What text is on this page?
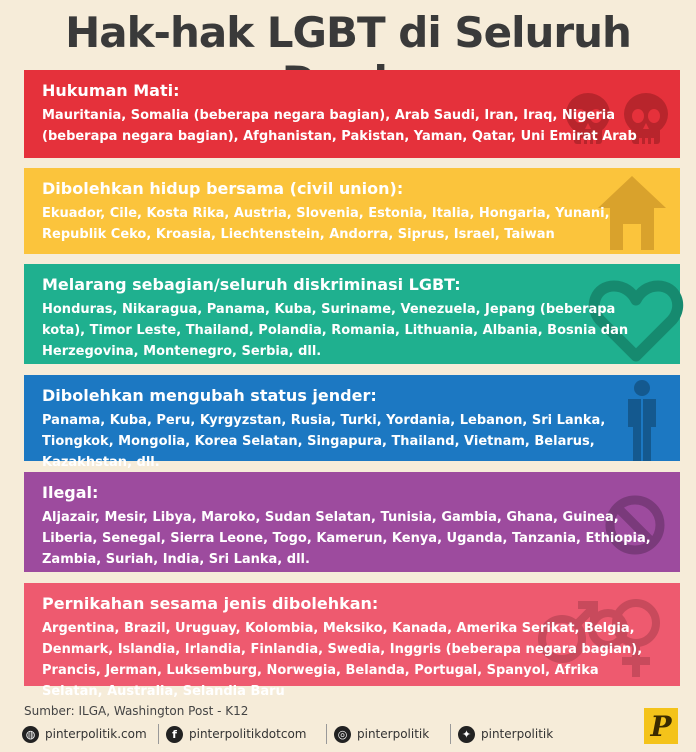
Hak-hak LGBT di Seluruh
Hukuman Mati:
Mauritania, Somalia (beberapa negara bagian), Arab Saudi, Iran, Iraq, Nigeria (beberapa negara bagian), Afghanistan, Pakistan, Yaman, Qatar, Uni Emirat Arab
Dibolehkan hidup bersama (civil union):
Ekuador, Cile, Kosta Rika, Austria, Slovenia, Estonia, Italia, Hongaria, Yunani, Republik Ceko, Kroasia, Liechtenstein, Andorra, Siprus, Israel, Taiwan
Melarang sebagian/seluruh diskriminasi LGBT:
Honduras, Nikaragua, Panama, Kuba, Suriname, Venezuela, Jepang (beberapa kota), Timor Leste, Thailand, Polandia, Romania, Lithuania, Albania, Bosnia dan Herzegovina, Montenegro, Serbia, dll.
Dibolehkan mengubah status jender:
Panama, Kuba, Peru, Kyrgyzstan, Rusia, Turki, Yordania, Lebanon, Sri Lanka, Tiongkok, Mongolia, Korea Selatan, Singapura, Thailand, Vietnam, Belarus, Kazakhstan, dll.
Ilegal:
Aljazair, Mesir, Libya, Maroko, Sudan Selatan, Tunisia, Gambia, Ghana, Guinea, Liberia, Senegal, Sierra Leone, Togo, Kamerun, Kenya, Uganda, Tanzania, Ethiopia, Zambia, Suriah, India, Sri Lanka, dll.
Pernikahan sesama jenis dibolehkan:
Argentina, Brazil, Uruguay, Kolombia, Meksiko, Kanada, Amerika Serikat, Belgia, Denmark, Islandia, Irlandia, Finlandia, Swedia, Inggris (beberapa negara bagian), Prancis, Jerman, Luksemburg, Norwegia, Belanda, Portugal, Spanyol, Afrika Selatan, Australia, Selandia Baru
Sumber: ILGA, Washington Post - K12
◍ pinterpolitik.com	f	pinterpolitikdotcom	◎ pinterpolitik	✦ pinterpolitik	P
